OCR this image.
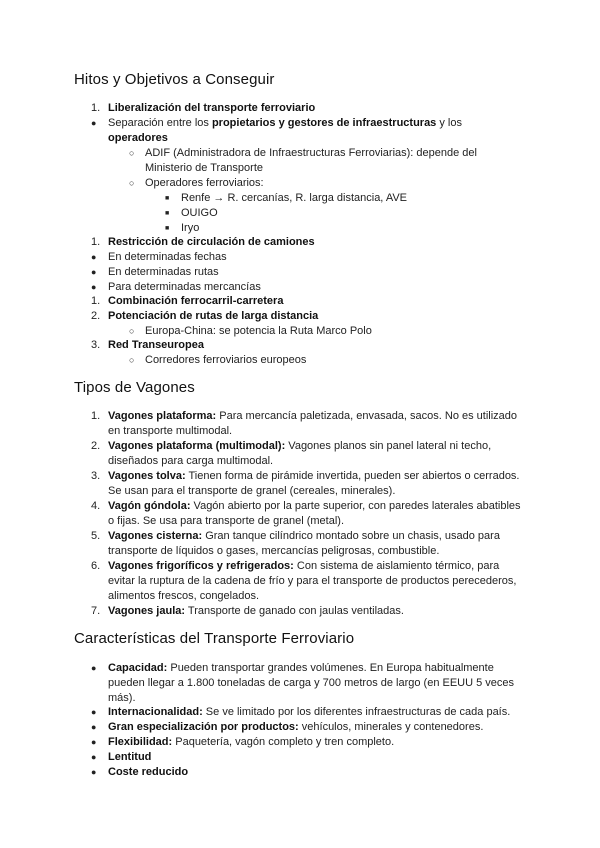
Hitos y Objetivos a Conseguir
1. Liberalización del transporte ferroviario
● Separación entre los propietarios y gestores de infraestructuras y los
operadores
○ ADIF (Administradora de Infraestructuras Ferroviarias): depende del
Ministerio de Transporte
○ Operadores ferroviarios:
■ Renfe → R. cercanías, R. larga distancia, AVE
■ OUIGO
■ Iryo
1. Restricción de circulación de camiones
● En determinadas fechas
● En determinadas rutas
● Para determinadas mercancías
1. Combinación ferrocarril-carretera
2. Potenciación de rutas de larga distancia
○ Europa-China: se potencia la Ruta Marco Polo
3. Red Transeuropea
○ Corredores ferroviarios europeos
Tipos de Vagones
1. Vagones plataforma: Para mercancía paletizada, envasada, sacos. No es utilizado
en transporte multimodal.
2. Vagones plataforma (multimodal): Vagones planos sin panel lateral ni techo,
diseñados para carga multimodal.
3. Vagones tolva: Tienen forma de pirámide invertida, pueden ser abiertos o cerrados.
Se usan para el transporte de granel (cereales, minerales).
4. Vagón góndola: Vagón abierto por la parte superior, con paredes laterales abatibles
o fijas. Se usa para transporte de granel (metal).
5. Vagones cisterna: Gran tanque cilíndrico montado sobre un chasis, usado para
transporte de líquidos o gases, mercancías peligrosas, combustible.
6. Vagones frigoríficos y refrigerados: Con sistema de aislamiento térmico, para
evitar la ruptura de la cadena de frío y para el transporte de productos perecederos,
alimentos frescos, congelados.
7. Vagones jaula: Transporte de ganado con jaulas ventiladas.
Características del Transporte Ferroviario
● Capacidad: Pueden transportar grandes volúmenes. En Europa habitualmente
pueden llegar a 1.800 toneladas de carga y 700 metros de largo (en EEUU 5 veces
más).
● Internacionalidad: Se ve limitado por los diferentes infraestructuras de cada país.
● Gran especialización por productos: vehículos, minerales y contenedores.
● Flexibilidad: Paquetería, vagón completo y tren completo.
● Lentitud
● Coste reducido
